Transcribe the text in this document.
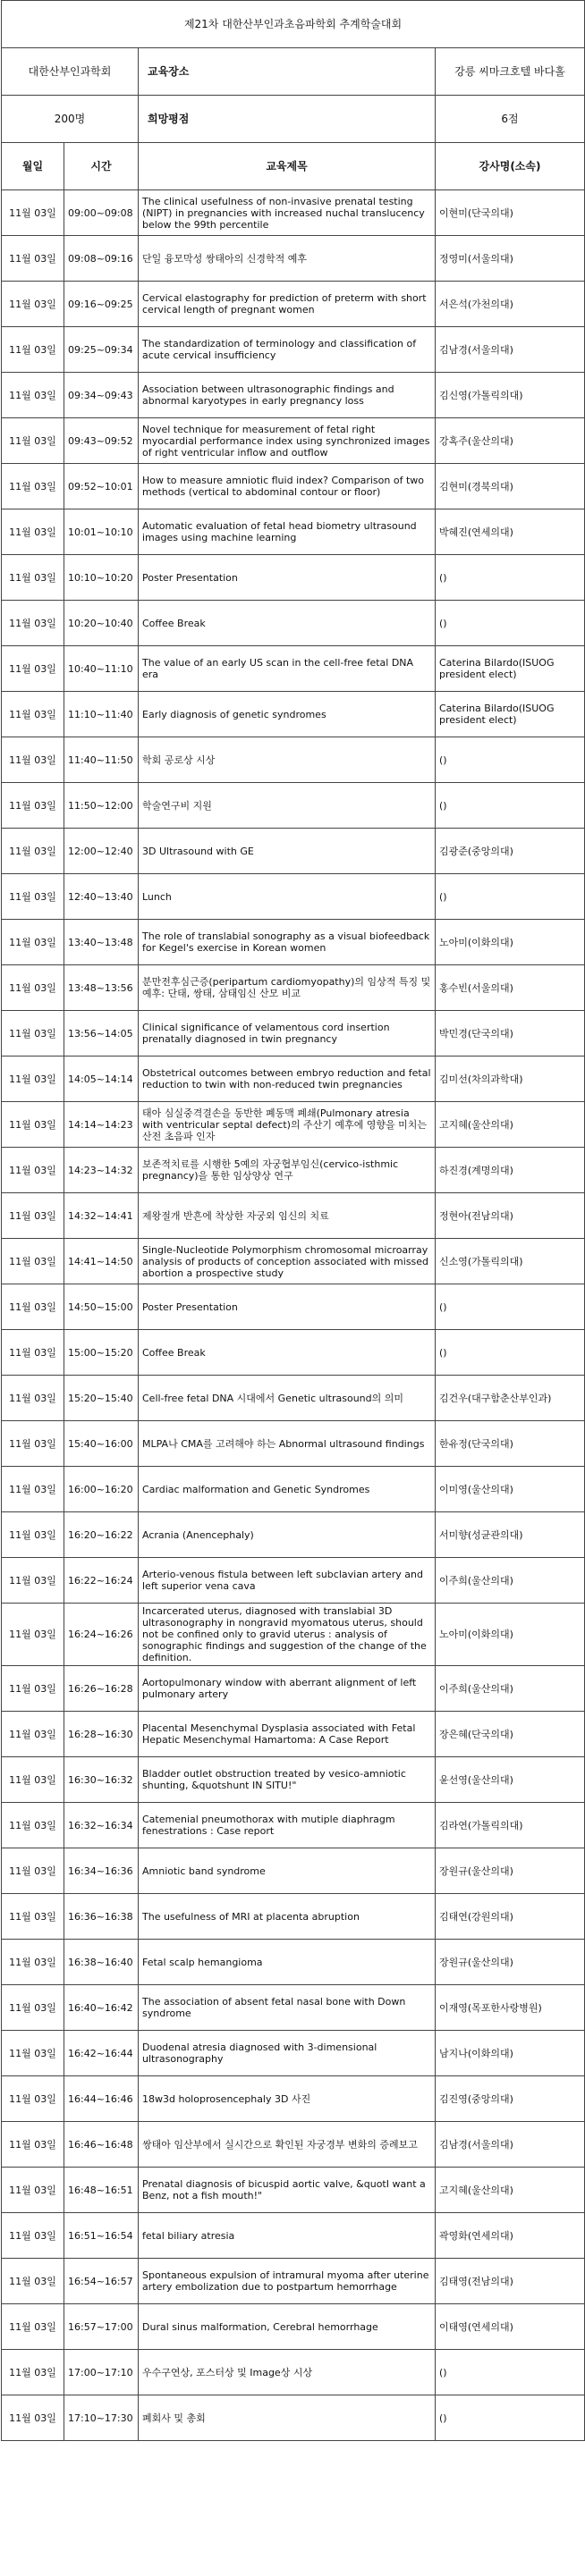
제21차 대한산부인과초음파학회 추계학술대회			
대한산부인과학회		교육장소	강릉 씨마크호텔 바다홀
200명		희망평점	6점
월일	시간	교육제목	강사명(소속)
11월 03일	09:00~09:08	The clinical usefulness of non-invasive prenatal testing (NIPT) in pregnancies with increased nuchal translucency below the 99th percentile	이현미(단국의대)
11월 03일	09:08~09:16	단일 융모막성 쌍태아의 신경학적 예후	정영미(서울의대)
11월 03일	09:16~09:25	Cervical elastography for prediction of preterm with short cervical length of pregnant women	서은석(가천의대)
11월 03일	09:25~09:34	The standardization of terminology and classification of acute cervical insufficiency	김남경(서울의대)
11월 03일	09:34~09:43	Association between ultrasonographic findings and abnormal karyotypes in early pregnancy loss	김신영(가톨릭의대)
11월 03일	09:43~09:52	Novel technique for measurement of fetal right myocardial performance index using synchronized images of right ventricular inflow and outflow	강혹주(울산의대)
11월 03일	09:52~10:01	How to measure amniotic fluid index? Comparison of two methods (vertical to abdominal contour or floor)	김현미(경북의대)
11월 03일	10:01~10:10	Automatic evaluation of fetal head biometry ultrasound images using machine learning	박혜진(연세의대)
11월 03일	10:10~10:20	Poster Presentation	()
11월 03일	10:20~10:40	Coffee Break	()
11월 03일	10:40~11:10	The value of an early US scan in the cell-free fetal DNA era	Caterina Bilardo(ISUOG president elect)
11월 03일	11:10~11:40	Early diagnosis of genetic syndromes	Caterina Bilardo(ISUOG president elect)
11월 03일	11:40~11:50	학회 공로상 시상	()
11월 03일	11:50~12:00	학술연구비 지원	()
11월 03일	12:00~12:40	3D Ultrasound with GE	김광준(중앙의대)
11월 03일	12:40~13:40	Lunch	()
11월 03일	13:40~13:48	The role of translabial sonography as a visual biofeedback for Kegel's exercise in Korean women	노아미(이화의대)
11월 03일	13:48~13:56	분만전후심근증(peripartum cardiomyopathy)의 임상적 특징 및 예후: 단태, 쌍태, 삼태임신 산모 비교	홍수빈(서울의대)
11월 03일	13:56~14:05	Clinical significance of velamentous cord insertion prenatally diagnosed in twin pregnancy	박민경(단국의대)
11월 03일	14:05~14:14	Obstetrical outcomes between embryo reduction and fetal reduction to twin with non-reduced twin pregnancies	김미선(차의과학대)
11월 03일	14:14~14:23	태아 심실중격결손을 동반한 폐동맥 폐쇄(Pulmonary atresia with ventricular septal defect)의 주산기 예후에 영향을 미치는 산전 초음파 인자	고지혜(울산의대)
11월 03일	14:23~14:32	보존적치료를 시행한 5예의 자궁협부임신(cervico-isthmic pregnancy)을 통한 임상양상 연구	하진경(계명의대)
11월 03일	14:32~14:41	제왕절개 반흔에 착상한 자궁외 임신의 치료	정현아(전남의대)
11월 03일	14:41~14:50	Single-Nucleotide Polymorphism chromosomal microarray analysis of products of conception associated with missed abortion a prospective study	신소영(가톨릭의대)
11월 03일	14:50~15:00	Poster Presentation	()
11월 03일	15:00~15:20	Coffee Break	()
11월 03일	15:20~15:40	Cell-free fetal DNA 시대에서 Genetic ultrasound의 의미	김건우(대구함춘산부인과)
11월 03일	15:40~16:00	MLPA나 CMA를 고려해야 하는 Abnormal ultrasound findings	한유정(단국의대)
11월 03일	16:00~16:20	Cardiac malformation and Genetic Syndromes	이미영(울산의대)
11월 03일	16:20~16:22	Acrania (Anencephaly)	서미향(성균관의대)
11월 03일	16:22~16:24	Arterio-venous fistula between left subclavian artery and left superior vena cava	이주희(울산의대)
11월 03일	16:24~16:26	Incarcerated uterus, diagnosed with translabial 3D ultrasonography in nongravid myomatous uterus, should not be confined only to gravid uterus : analysis of sonographic findings and suggestion of the change of the definition.	노아미(이화의대)
11월 03일	16:26~16:28	Aortopulmonary window with aberrant alignment of left pulmonary artery	이주희(울산의대)
11월 03일	16:28~16:30	Placental Mesenchymal Dysplasia associated with Fetal Hepatic Mesenchymal Hamartoma: A Case Report	장은혜(단국의대)
11월 03일	16:30~16:32	Bladder outlet obstruction treated by vesico-amniotic shunting, &quotshunt IN SITU!"	윤선영(울산의대)
11월 03일	16:32~16:34	Catemenial pneumothorax with mutiple diaphragm fenestrations : Case report	김라연(가톨릭의대)
11월 03일	16:34~16:36	Amniotic band syndrome	장원규(울산의대)
11월 03일	16:36~16:38	The usefulness of MRI at placenta abruption	김태연(강원의대)
11월 03일	16:38~16:40	Fetal scalp hemangioma	장원규(울산의대)
11월 03일	16:40~16:42	The association of absent fetal nasal bone with Down syndrome	이재영(목포한사랑병원)
11월 03일	16:42~16:44	Duodenal atresia diagnosed with 3-dimensional ultrasonography	남지나(이화의대)
11월 03일	16:44~16:46	18w3d holoprosencephaly 3D 사진	김진영(중앙의대)
11월 03일	16:46~16:48	쌍태아 임산부에서 실시간으로 확인된 자궁경부 변화의 증례보고	김남경(서울의대)
11월 03일	16:48~16:51	Prenatal diagnosis of bicuspid aortic valve, &quotI want a Benz, not a fish mouth!"	고지혜(울산의대)
11월 03일	16:51~16:54	fetal biliary atresia	곽영화(연세의대)
11월 03일	16:54~16:57	Spontaneous expulsion of intramural myoma after uterine artery embolization due to postpartum hemorrhage	김태영(전남의대)
11월 03일	16:57~17:00	Dural sinus malformation, Cerebral hemorrhage	이태영(연세의대)
11월 03일	17:00~17:10	우수구연상, 포스터상 및 Image상 시상	()
11월 03일	17:10~17:30	폐회사 및 총회	()
